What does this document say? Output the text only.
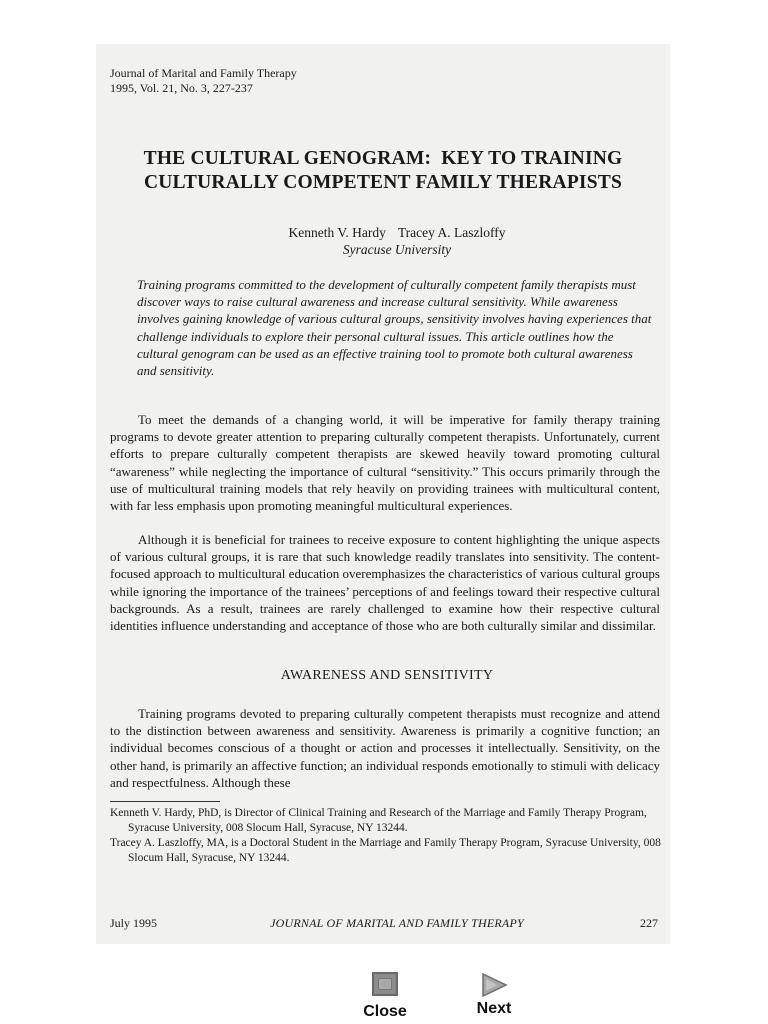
Journal of Marital and Family Therapy
1995, Vol. 21, No. 3, 227-237
THE CULTURAL GENOGRAM:  KEY TO TRAINING
CULTURALLY COMPETENT FAMILY THERAPISTS
Kenneth V. Hardy Tracey A. Laszloffy
Syracuse University

Training programs committed to the development of culturally competent family therapists must discover ways to raise cultural awareness and increase cultural sensitivity. While awareness involves gaining knowledge of various cultural groups, sensitivity involves having experiences that challenge individuals to explore their personal cultural issues. This article outlines how the cultural genogram can be used as an effective training tool to promote both cultural awareness and sensitivity.

To meet the demands of a changing world, it will be imperative for family therapy training programs to devote greater attention to preparing culturally competent therapists. Unfortunately, current efforts to prepare culturally competent therapists are skewed heavily toward promoting cultural “awareness” while neglecting the importance of cultural “sensitivity.” This occurs primarily through the use of multicultural training models that rely heavily on providing trainees with multicultural content, with far less emphasis upon promoting meaningful multicultural experiences.

Although it is beneficial for trainees to receive exposure to content highlighting the unique aspects of various cultural groups, it is rare that such knowledge readily translates into sensitivity. The content-focused approach to multicultural education overemphasizes the characteristics of various cultural groups while ignoring the importance of the trainees’ perceptions of and feelings toward their respective cultural backgrounds. As a result, trainees are rarely challenged to examine how their respective cultural identities influence understanding and acceptance of those who are both culturally similar and dissimilar.

AWARENESS AND SENSITIVITY

Training programs devoted to preparing culturally competent therapists must recognize and attend to the distinction between awareness and sensitivity. Awareness is primarily a cognitive function; an individual becomes conscious of a thought or action and processes it intellectually. Sensitivity, on the other hand, is primarily an affective function; an individual responds emotionally to stimuli with delicacy and respectfulness. Although these

Kenneth V. Hardy, PhD, is Director of Clinical Training and Research of the Marriage and Family Therapy Program, Syracuse University, 008 Slocum Hall, Syracuse, NY 13244.

Tracey A. Laszloffy, MA, is a Doctoral Student in the Marriage and Family Therapy Program, Syracuse University, 008 Slocum Hall, Syracuse, NY 13244.

July 1995	JOURNAL OF MARITAL AND FAMILY THERAPY	227
Close	Next
